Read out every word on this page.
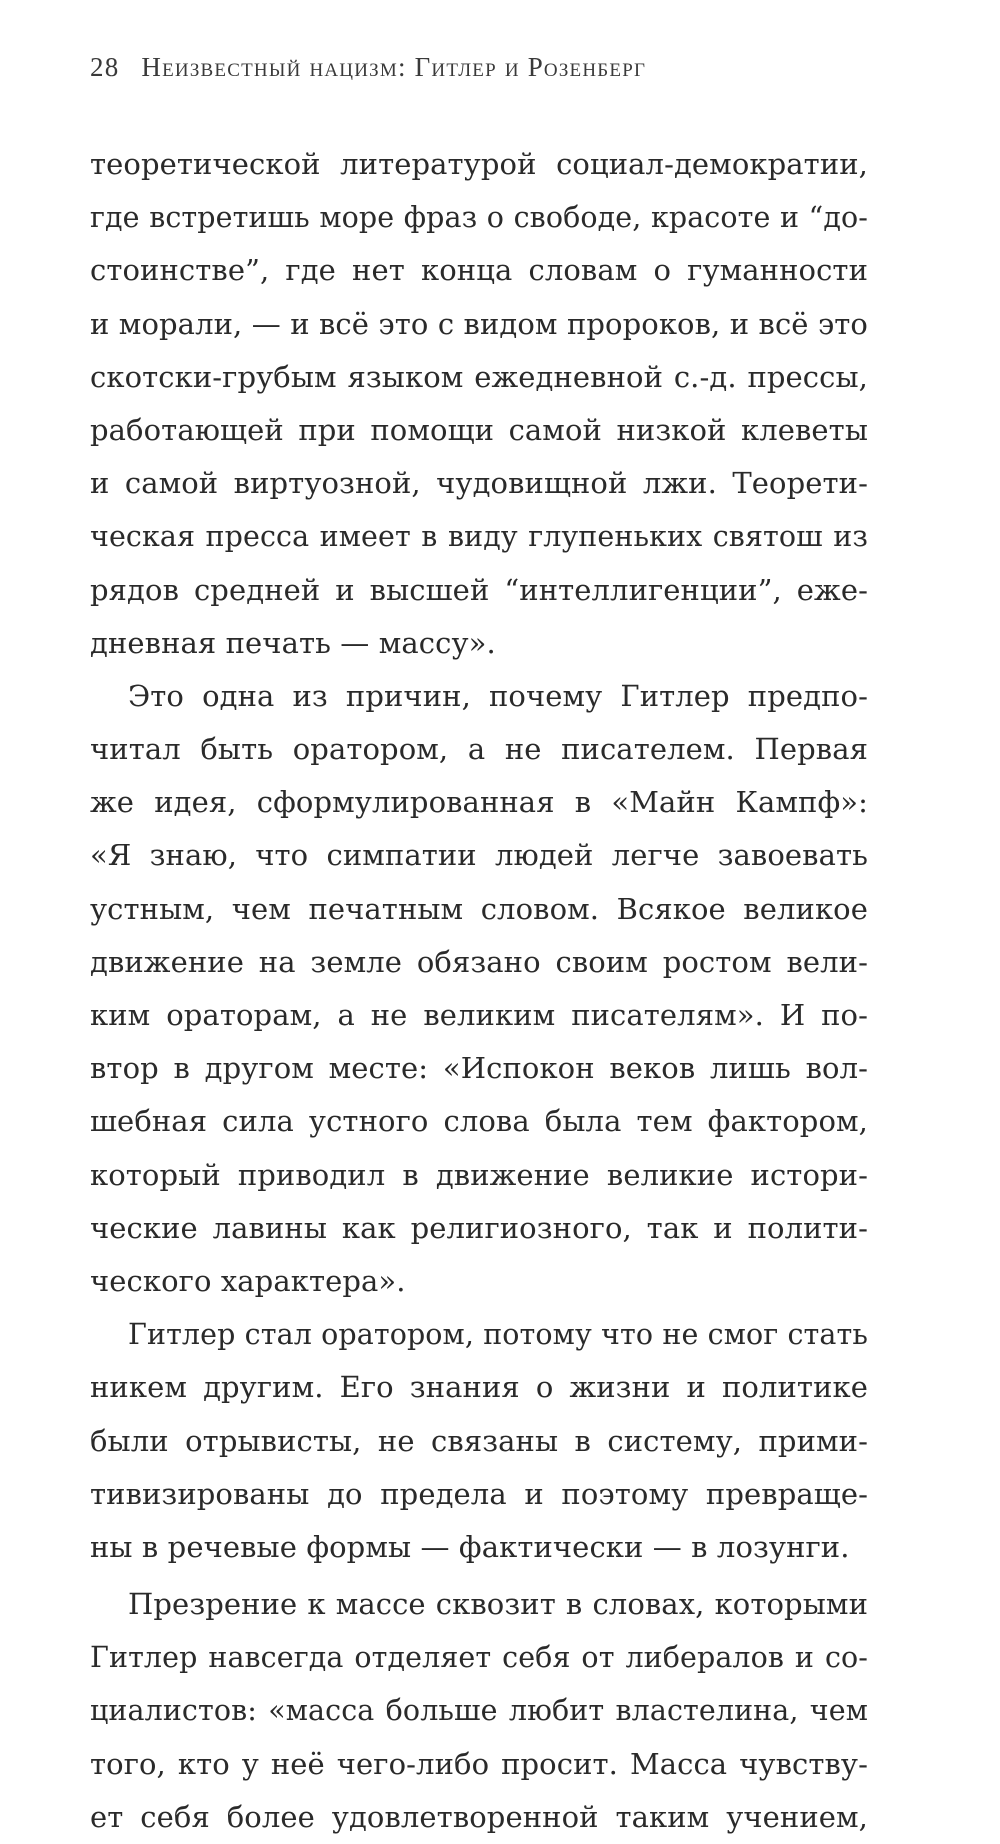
28 Неизвестный нацизм: Гитлер и Розенберг
теоретической литературой социал-демократии,
где встретишь море фраз о свободе, красоте и “до-
стоинстве”, где нет конца словам о гуманности
и морали, — и всё это с видом пророков, и всё это
скотски-грубым языком ежедневной с.-д. прессы,
работающей при помощи самой низкой клеветы
и самой виртуозной, чудовищной лжи. Теорети-
ческая пресса имеет в виду глупеньких святош из
рядов средней и высшей “интеллигенции”, еже-
дневная печать — массу».
Это одна из причин, почему Гитлер предпо-
читал быть оратором, а не писателем. Первая
же идея, сформулированная в «Майн Кампф»:
«Я знаю, что симпатии людей легче завоевать
устным, чем печатным словом. Всякое великое
движение на земле обязано своим ростом вели-
ким ораторам, а не великим писателям». И по-
втор в другом месте: «Испокон веков лишь вол-
шебная сила устного слова была тем фактором,
который приводил в движение великие истори-
ческие лавины как религиозного, так и полити-
ческого характера».
Гитлер стал оратором, потому что не смог стать
никем другим. Его знания о жизни и политике
были отрывисты, не связаны в систему, прими-
тивизированы до предела и поэтому превраще-
ны в речевые формы — фактически — в лозунги.
Презрение к массе сквозит в словах, которыми
Гитлер навсегда отделяет себя от либералов и со-
циалистов: «масса больше любит властелина, чем
того, кто у неё чего-либо просит. Масса чувству-
ет себя более удовлетворенной таким учением,
